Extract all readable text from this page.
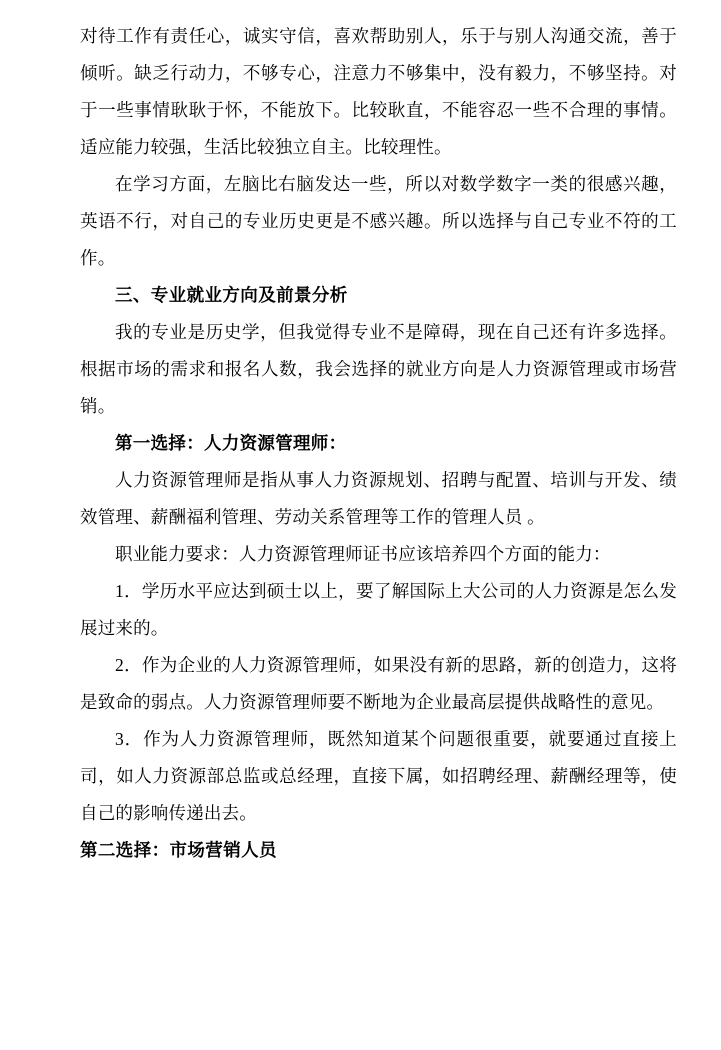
对待工作有责任心，诚实守信，喜欢帮助别人，乐于与别人沟通交流，善于倾听。缺乏行动力，不够专心，注意力不够集中，没有毅力，不够坚持。对于一些事情耿耿于怀，不能放下。比较耿直，不能容忍一些不合理的事情。适应能力较强，生活比较独立自主。比较理性。

在学习方面，左脑比右脑发达一些，所以对数学数字一类的很感兴趣，英语不行，对自己的专业历史更是不感兴趣。所以选择与自己专业不符的工作。

三、专业就业方向及前景分析

我的专业是历史学，但我觉得专业不是障碍，现在自己还有许多选择。根据市场的需求和报名人数，我会选择的就业方向是人力资源管理或市场营销。

第一选择：人力资源管理师：

人力资源管理师是指从事人力资源规划、招聘与配置、培训与开发、绩效管理、薪酬福利管理、劳动关系管理等工作的管理人员 。

职业能力要求：人力资源管理师证书应该培养四个方面的能力：

1．学历水平应达到硕士以上，要了解国际上大公司的人力资源是怎么发展过来的。

2．作为企业的人力资源管理师，如果没有新的思路，新的创造力，这将是致命的弱点。人力资源管理师要不断地为企业最高层提供战略性的意见。

3．作为人力资源管理师，既然知道某个问题很重要，就要通过直接上司，如人力资源部总监或总经理，直接下属，如招聘经理、薪酬经理等，使自己的影响传递出去。

第二选择：市场营销人员
